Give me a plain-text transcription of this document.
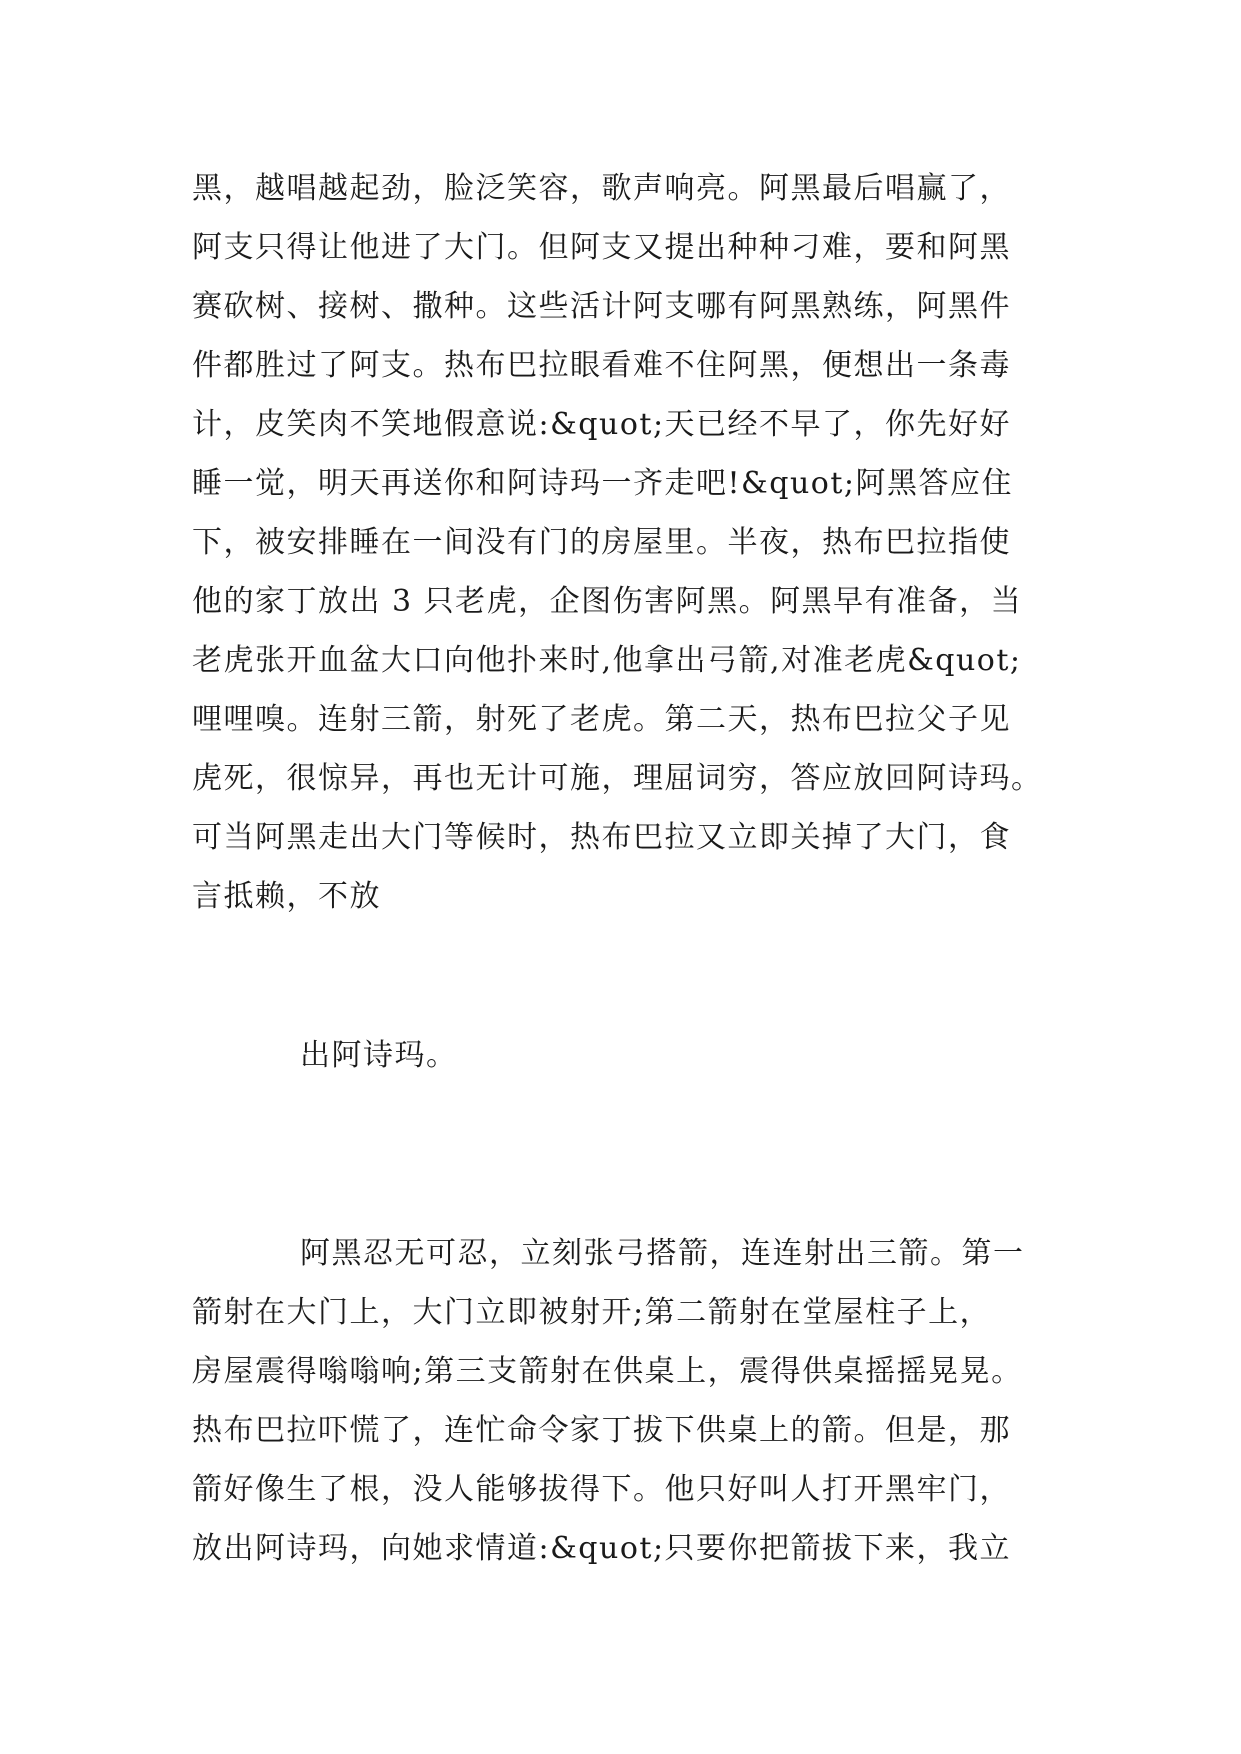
黑，越唱越起劲，脸泛笑容，歌声响亮。阿黑最后唱赢了，
阿支只得让他进了大门。但阿支又提出种种刁难，要和阿黑
赛砍树、接树、撒种。这些活计阿支哪有阿黑熟练，阿黑件
件都胜过了阿支。热布巴拉眼看难不住阿黑，便想出一条毒
计，皮笑肉不笑地假意说:&quot;天已经不早了，你先好好
睡一觉，明天再送你和阿诗玛一齐走吧!&quot;阿黑答应住
下，被安排睡在一间没有门的房屋里。半夜，热布巴拉指使
他的家丁放出 3 只老虎，企图伤害阿黑。阿黑早有准备，当
老虎张开血盆大口向他扑来时,他拿出弓箭,对准老虎&quot;
哩哩嗅。连射三箭，射死了老虎。第二天，热布巴拉父子见
虎死，很惊异，再也无计可施，理屈词穷，答应放回阿诗玛。
可当阿黑走出大门等候时，热布巴拉又立即关掉了大门，食
言抵赖，不放
出阿诗玛。
阿黑忍无可忍，立刻张弓搭箭，连连射出三箭。第一
箭射在大门上，大门立即被射开;第二箭射在堂屋柱子上，
房屋震得嗡嗡响;第三支箭射在供桌上，震得供桌摇摇晃晃。
热布巴拉吓慌了，连忙命令家丁拔下供桌上的箭。但是，那
箭好像生了根，没人能够拔得下。他只好叫人打开黑牢门，
放出阿诗玛，向她求情道:&quot;只要你把箭拔下来，我立
